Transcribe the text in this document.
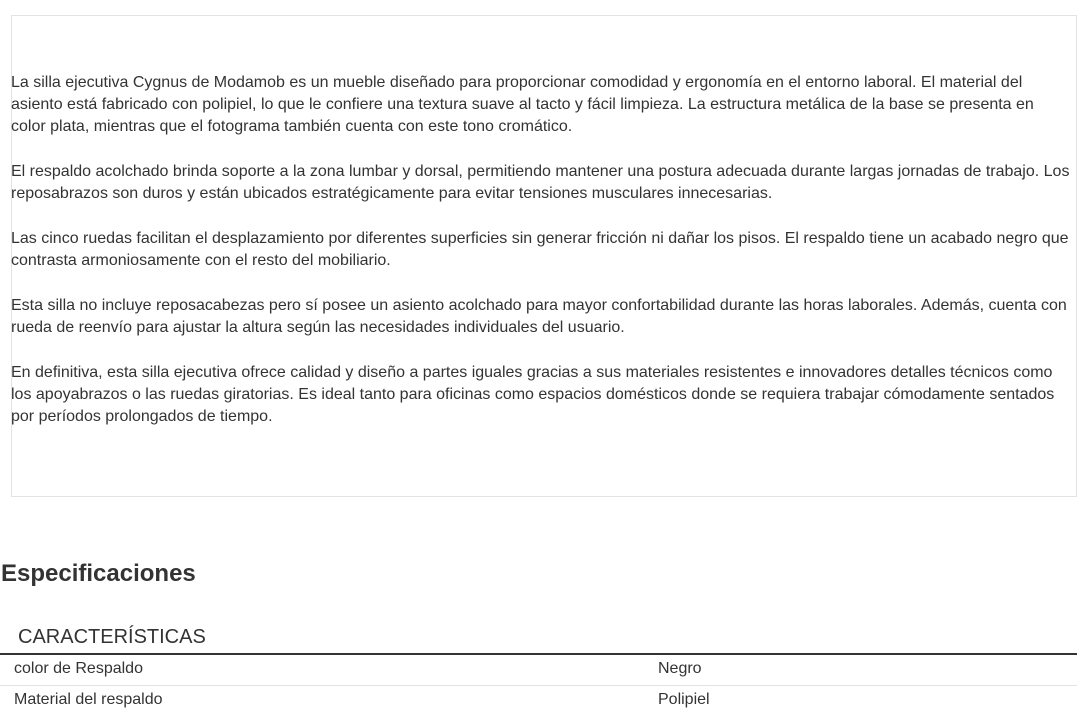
La silla ejecutiva Cygnus de Modamob es un mueble diseñado para proporcionar comodidad y ergonomía en el entorno laboral. El material del asiento está fabricado con polipiel, lo que le confiere una textura suave al tacto y fácil limpieza. La estructura metálica de la base se presenta en color plata, mientras que el fotograma también cuenta con este tono cromático.

El respaldo acolchado brinda soporte a la zona lumbar y dorsal, permitiendo mantener una postura adecuada durante largas jornadas de trabajo. Los reposabrazos son duros y están ubicados estratégicamente para evitar tensiones musculares innecesarias.

Las cinco ruedas facilitan el desplazamiento por diferentes superficies sin generar fricción ni dañar los pisos. El respaldo tiene un acabado negro que contrasta armoniosamente con el resto del mobiliario.

Esta silla no incluye reposacabezas pero sí posee un asiento acolchado para mayor confortabilidad durante las horas laborales. Además, cuenta con rueda de reenvío para ajustar la altura según las necesidades individuales del usuario.

En definitiva, esta silla ejecutiva ofrece calidad y diseño a partes iguales gracias a sus materiales resistentes e innovadores detalles técnicos como los apoyabrazos o las ruedas giratorias. Es ideal tanto para oficinas como espacios domésticos donde se requiera trabajar cómodamente sentados por períodos prolongados de tiempo.

Especificaciones
CARACTERÍSTICAS
color de Respaldo	Negro
Material del respaldo	Polipiel
